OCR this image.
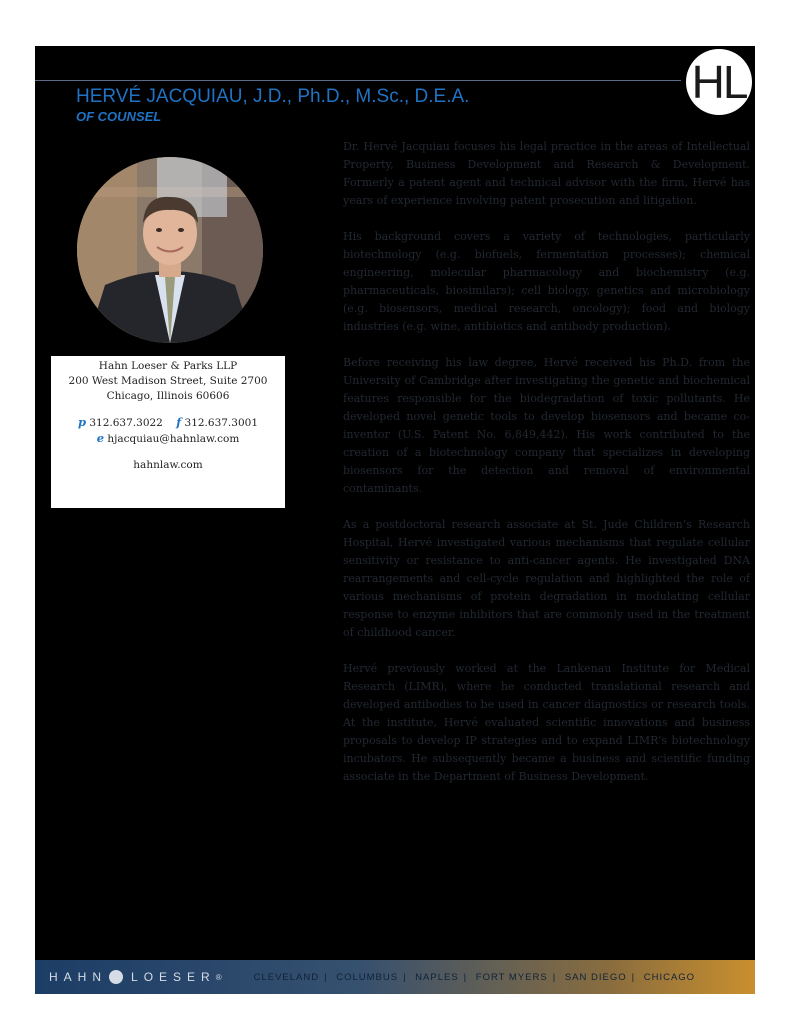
HL
HERVÉ JACQUIAU, J.D., Ph.D., M.Sc., D.E.A.
OF COUNSEL
Hahn Loeser & Parks LLP
200 West Madison Street, Suite 2700
Chicago, Illinois 60606
p 312.637.3022 f 312.637.3001
e hjacquiau@hahnlaw.com
hahnlaw.com

Dr. Hervé Jacquiau focuses his legal practice in the areas of Intellectual Property, Business Development and Research & Development. Formerly a patent agent and technical advisor with the firm, Hervé has years of experience involving patent prosecution and litigation.

His background covers a variety of technologies, particularly biotechnology (e.g. biofuels, fermentation processes); chemical engineering, molecular pharmacology and biochemistry (e.g. pharmaceuticals, biosimilars); cell biology, genetics and microbiology (e.g. biosensors, medical research, oncology); food and biology industries (e.g. wine, antibiotics and antibody production).

Before receiving his law degree, Hervé received his Ph.D. from the University of Cambridge after investigating the genetic and biochemical features responsible for the biodegradation of toxic pollutants. He developed novel genetic tools to develop biosensors and became co-inventor (U.S. Patent No. 6,849,442). His work contributed to the creation of a biotechnology company that specializes in developing biosensors for the detection and removal of environmental contaminants.

As a postdoctoral research associate at St. Jude Children’s Research Hospital, Hervé investigated various mechanisms that regulate cellular sensitivity or resistance to anti-cancer agents. He investigated DNA rearrangements and cell-cycle regulation and highlighted the role of various mechanisms of protein degradation in modulating cellular response to enzyme inhibitors that are commonly used in the treatment of childhood cancer.

Hervé previously worked at the Lankenau Institute for Medical Research (LIMR), where he conducted translational research and developed antibodies to be used in cancer diagnostics or research tools. At the institute, Hervé evaluated scientific innovations and business proposals to develop IP strategies and to expand LIMR’s biotechnology incubators. He subsequently became a business and scientific funding associate in the Department of Business Development.

HAHN LOESER ®	CLEVELAND | COLUMBUS | NAPLES | FORT MYERS | SAN DIEGO | CHICAGO
